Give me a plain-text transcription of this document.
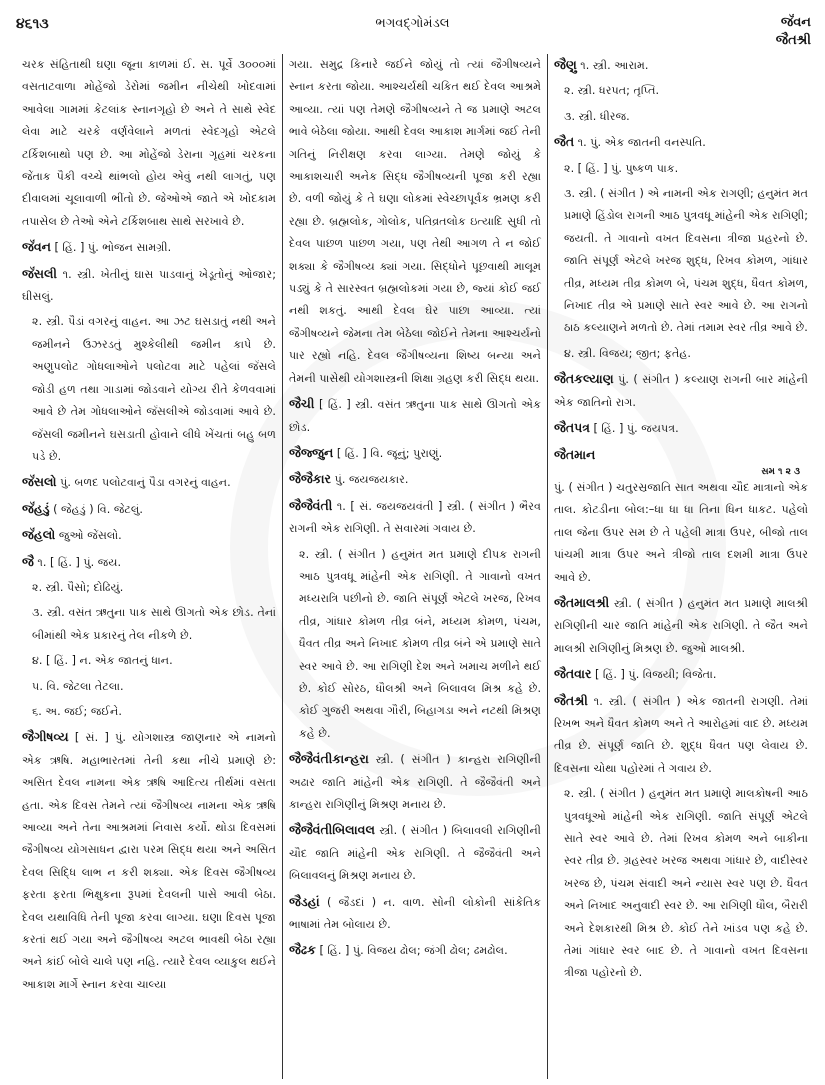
૪૬૧૩	ભગવદ્ગોમંડલ	જૅંવન
જૈતશ્રી
ચરક સંહિતાથી ઘણા જૂના કાળમાં ઈ. સ. પૂર્વે ૩૦૦૦માં વસતાટવાળા મોહેંજો ડેરોમાં જમીન નીચેથી ખોદવામાં આવેલા ગામમાં કેટલાંક સ્નાનગૃહો છે અને તે સાથે સ્વેદ લેવા માટે ચરકે વર્ણવેલાને મળતાં સ્વેદગૃહો એટલે ટર્કિશબાથો પણ છે. આ મોહેંજો ડેરાના ગૃહમાં ચરકના જેંતાક પૈકી વચ્ચે થાંભલો હોય એવું નથી લાગતું, પણ દીવાલમાં ચૂલાવાળી ભીંતો છે. જેઓએ જાતે એ ખોદકામ તપાસેલ છે તેઓ એને ટર્કિશબાથ સાથે સરખાવે છે.
જૅંવન [ હિં. ] પું. ભોજન સામગ્રી.
જૅંસલી ૧. સ્ત્રી. ખેતીનું ઘાસ પાડવાનું ખેડૂતોનું ઓજાર; ઘીસલું.
૨. સ્ત્રી. પૈડાં વગરનું વાહન. આ ઝટ ઘસડાતું નથી અને જમીનને ઉઝરડતું મુશ્કેલીથી જમીન કાપે છે. અણુપલોટ ગોધલાઓને પલોટવા માટે પહેલાં જૅંસલે જોડી હળ તથા ગાડામાં જોડવાને યોગ્ય રીતે કેળવવામાં આવે છે તેમ ગોધલાઓને જૅંસલીએ જોડવામાં આવે છે. જૅંસલી જમીનને ઘસડાતી હોવાને લીધે ખેંચતાં બહુ બળ પડે છે.
જૅંસલો પું. બળદ પલોટવાનું પૈડા વગરનું વાહન.
જૅંહડું ( જેહડું ) વિ. જેટલું.
જૅંહલો જુઓ જેંસલો.
જૈ ૧. [ હિં. ] પું. જય.
૨. સ્ત્રી. પૈસો; દોઢિયું.
૩. સ્ત્રી. વસંત ઋતુના પાક સાથે ઊગતો એક છોડ. તેનાં બીમાંથી એક પ્રકારનું તેલ નીકળે છે.
૪. [ હિં. ] ન. એક જાતનું ધાન.
૫. વિ. જેટલા તેટલા.
૬. અ. જઈ; જઈને.
જૈગીષવ્ય [ સં. ] પું. યોગશાસ્ત્ર જાણનાર એ નામનો એક ઋષિ. મહાભારતમાં તેની કથા નીચે પ્રમાણે છે: અસિત દેવલ નામના એક ઋષિ આદિત્ય તીર્થમાં વસતા હતા. એક દિવસ તેમને ત્યાં જૈગીષવ્ય નામના એક ઋષિ આવ્યા અને તેના આશ્રમમાં નિવાસ કર્યો. થોડા દિવસમાં જૈગીષવ્ય યોગસાધન દ્વારા પરમ સિદ્ધ થયા અને અસિત દેવલ સિદ્ધિ લાભ ન કરી શક્યા. એક દિવસ જૈગીષવ્ય ફરતા ફરતા ભિક્ષુકના રૂપમાં દેવલની પાસે આવી બેઠા. દેવલ યથાવિધિ તેની પૂજા કરવા લાગ્યા. ઘણા દિવસ પૂજા કરતાં થઈ ગયા અને જૈગીષવ્ય અટલ ભાવથી બેઠા રહ્યા અને કાંઈ બોલે ચાલે પણ નહિ. ત્યારે દેવલ વ્યાકુલ થઈને આકાશ માર્ગે સ્નાન કરવા ચાલ્યા
ગયા. સમુદ્ર કિનારે જઈને જોયું તો ત્યાં જૈગીષવ્યને સ્નાન કરતા જોયા. આશ્ચર્યથી ચકિત થઈ દેવલ આશ્રમે આવ્યા. ત્યાં પણ તેમણે જૈગીષવ્યને તે જ પ્રમાણે અટલ ભાવે બેઠેલા જોયા. આથી દેવલ આકાશ માર્ગમાં જઈ તેની ગતિનું નિરીક્ષણ કરવા લાગ્યા. તેમણે જોયું કે આકાશચારી અનેક સિદ્ધ જૈગીષવ્યની પૂજા કરી રહ્યા છે. વળી જોયું કે તે ઘણા લોકમાં સ્વેચ્છાપૂર્વક ભ્રમણ કરી રહ્યા છે. બ્રહ્મલોક, ગોલોક, પતિવ્રતલોક ઇત્યાદિ સુધી તો દેવલ પાછળ પાછળ ગયા, પણ તેથી આગળ તે ન જોઈ શક્યા કે જૈગીષવ્ય ક્યાં ગયા. સિદ્ધોને પૂછવાથી માલૂમ પડ્યું કે તે સારસ્વત બ્રહ્મલોકમાં ગયા છે, જ્યાં કોઈ જઈ નથી શકતું. આથી દેવલ ઘેર પાછા આવ્યા. ત્યાં જૈગીષવ્યને જેમના તેમ બેઠેલા જોઈને તેમના આશ્ચર્યનો પાર રહ્યો નહિ. દેવલ જૈગીષવ્યના શિષ્ય બન્યા અને તેમની પાસેથી યોગશાસ્ત્રની શિક્ષા ગ્રહણ કરી સિદ્ધ થયા.
જૈચી [ હિં. ] સ્ત્રી. વસંત ઋતુના પાક સાથે ઊગતો એક છોડ.
જૈજ્જુન [ હિં. ] વિ. જૂનું; પુરાણું.
જૈજૈકાર પું. જયજયકાર.
જૈજૈવંતી ૧. [ સં. જયજયવંતી ] સ્ત્રી. ( સંગીત ) ભૈરવ રાગની એક રાગિણી. તે સવારમાં ગવાય છે.
૨. સ્ત્રી. ( સંગીત ) હનુમંત મત પ્રમાણે દીપક રાગની આઠ પુત્રવધૂ માંહેની એક રાગિણી. તે ગાવાનો વખત મધ્યરાત્રિ પછીનો છે. જાતિ સંપૂર્ણ એટલે ખરજ, રિખવ તીવ્ર, ગાંધાર કોમળ તીવ્ર બંને, મધ્યમ કોમળ, પંચમ, ધૈવત તીવ્ર અને નિખાદ કોમળ તીવ્ર બંને એ પ્રમાણે સાતે સ્વર આવે છે. આ રાગિણી દેશ અને ખમાચ મળીને થઈ છે. કોઈ સોરઠ, ધૌલશ્રી અને બિલાવલ મિશ્ર કહે છે. કોઈ ગુજરી અથવા ગૌરી, બિહાગડા અને નટથી મિશ્રણ કહે છે.
જૈજૈવંતીકાન્હરા સ્ત્રી. ( સંગીત ) કાન્હરા રાગિણીની અઢાર જાતિ માંહેની એક રાગિણી. તે જૈજૈવંતી અને કાન્હરા રાગિણીનું મિશ્રણ મનાય છે.
જૈજૈવંતીબિલાવલ સ્ત્રી. ( સંગીત ) બિલાવલી રાગિણીની ચૌદ જાતિ માંહેની એક રાગિણી. તે જૈજૈવંતી અને બિલાવલનું મિશ્રણ મનાય છે.
જૈડહાં ( જૈડદાં ) ન. વાળ. સોની લોકોની સાંકેતિક ભાષામાં તેમ બોલાય છે.
જૈઢક [ હિં. ] પું. વિજય ઢોલ; જંગી ઢોલ; ઢમઢોલ.
જૈણુ ૧. સ્ત્રી. આરામ.
૨. સ્ત્રી. ધરપત; તૃપ્તિ.
૩. સ્ત્રી. ધીરજ.
જૈત ૧. પું. એક જાતની વનસ્પતિ.
૨. [ હિં. ] પું. પુષ્કળ પાક.
૩. સ્ત્રી. ( સંગીત ) એ નામની એક રાગણી; હનુમંત મત પ્રમાણે હિંડોલ રાગની આઠ પુત્રવધૂ માંહેની એક રાગિણી; જયતી. તે ગાવાનો વખત દિવસના ત્રીજા પ્રહરનો છે. જાતિ સંપૂર્ણ એટલે ખરજ શુદ્ધ, રિખવ કોમળ, ગાંધાર તીવ્ર, મધ્યમ તીવ્ર કોમળ બે, પંચમ શુદ્ધ, ધૈવત કોમળ, નિખાદ તીવ્ર એ પ્રમાણે સાતે સ્વર આવે છે. આ રાગનો ઠાઠ કલ્યાણને મળતો છે. તેમાં તમામ સ્વર તીવ્ર આવે છે.
૪. સ્ત્રી. વિજય; જીત; ફતેહ.
જૈતકલ્યાણ પું. ( સંગીત ) કલ્યાણ રાગની બાર માંહેની એક જાતિનો રાગ.
જૈતપત્ર [ હિં. ] પું. જયપત્ર.
જૈતમાન
સમ ૧ ૨ ૩
પું. ( સંગીત ) ચતુરસ્રજાતિ સાત અથવા ચૌદ માત્રાનો એક તાલ. કોટડીના બોલ:–ધા ધા ધા તિના ધિન ધાકટ. પહેલો તાલ જેના ઉપર સમ છે તે પહેલી માત્રા ઉપર, બીજો તાલ પાંચમી માત્રા ઉપર અને ત્રીજો તાલ દશમી માત્રા ઉપર આવે છે.
જૈતમાલશ્રી સ્ત્રી. ( સંગીત ) હનુમંત મત પ્રમાણે માલશ્રી રાગિણીની ચાર જાતિ માંહેની એક રાગિણી. તે જૈત અને માલશ્રી રાગિણીનું મિશ્રણ છે. જુઓ માલશ્રી.
જૈતવાર [ હિં. ] પું. વિજયી; વિજેતા.
જૈતશ્રી ૧. સ્ત્રી. ( સંગીત ) એક જાતની રાગણી. તેમાં રિખભ અને ધૈવત કોમળ અને તે આરોહમાં વાદ છે. મધ્યમ તીવ્ર છે. સંપૂર્ણ જાતિ છે. શુદ્ધ ધૈવત પણ લેવાય છે. દિવસના ચોથા પહોરમાં તે ગવાય છે.
૨. સ્ત્રી. ( સંગીત ) હનુમંત મત પ્રમાણે માલકોષની આઠ પુત્રવધૂઓ માંહેની એક રાગિણી. જાતિ સંપૂર્ણ એટલે સાતે સ્વર આવે છે. તેમાં રિખવ કોમળ અને બાકીના સ્વર તીવ્ર છે. ગ્રહસ્વર ખરજ અથવા ગાંધાર છે, વાદીસ્વર ખરજ છે, પંચમ સંવાદી અને ન્યાસ સ્વર પણ છે. ધૈવત અને નિખાદ અનુવાદી સ્વર છે. આ રાગિણી ધૌલ, બૈરારી અને દેશકારથી મિશ્ર છે. કોઈ તેને ખાંડવ પણ કહે છે. તેમાં ગાંધાર સ્વર બાદ છે. તે ગાવાનો વખત દિવસના ત્રીજા પહોરનો છે.
